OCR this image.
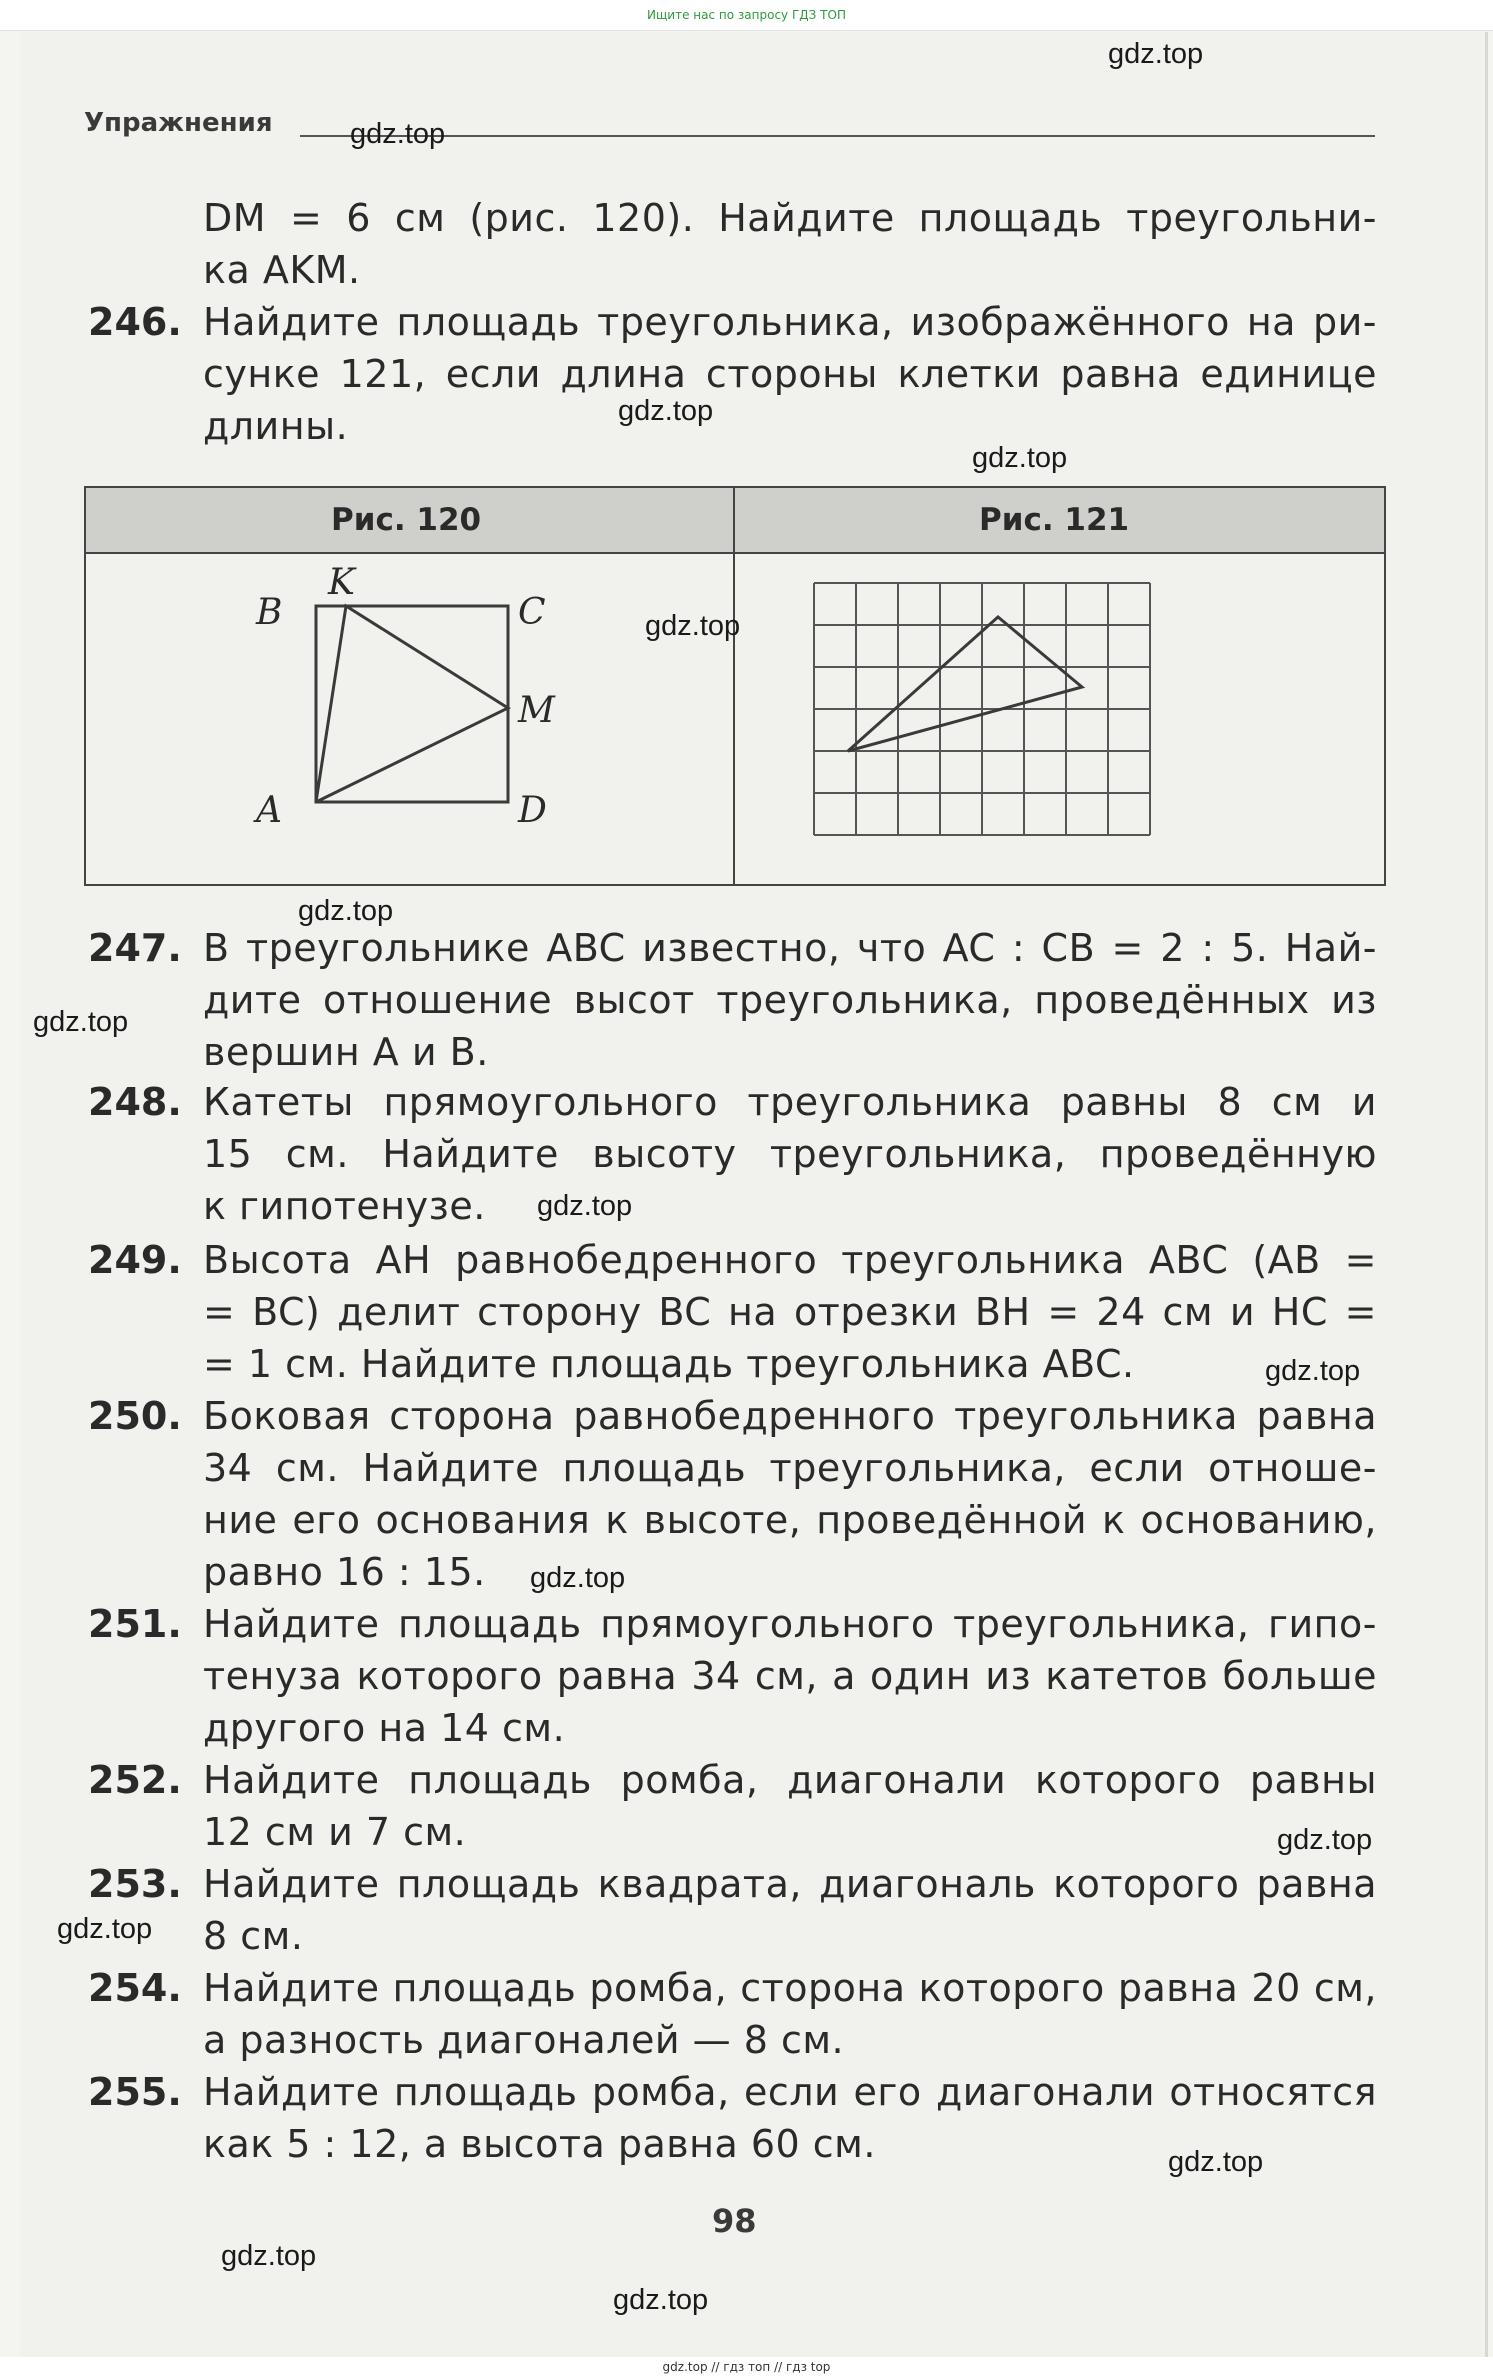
Ищите нас по запросу ГДЗ ТОП
Упражнения
DM = 6 см (рис. 120). Найдите площадь треугольни-
ка AKM.
246. Найдите площадь треугольника, изображённого на ри-
сунке 121, если длина стороны клетки равна единице
длины.
Рис. 120	Рис. 121
B
K
C
M
A	D
247. В треугольнике ABC известно, что AC : CB = 2 : 5. Най-
дите отношение высот треугольника, проведённых из
вершин A и B.
248. Катеты прямоугольного треугольника равны 8 см и
15 см. Найдите высоту треугольника, проведённую
к гипотенузе.
249. Высота AH равнобедренного треугольника ABC (AB =
= BC) делит сторону BC на отрезки BH = 24 см и HC =
= 1 см. Найдите площадь треугольника ABC.
250. Боковая сторона равнобедренного треугольника равна
34 см. Найдите площадь треугольника, если отноше-
ние его основания к высоте, проведённой к основанию,
равно 16 : 15.
251. Найдите площадь прямоугольного треугольника, гипо-
тенуза которого равна 34 см, а один из катетов больше
другого на 14 см.
252. Найдите площадь ромба, диагонали которого равны
12 см и 7 см.
253. Найдите площадь квадрата, диагональ которого равна
8 см.
254. Найдите площадь ромба, сторона которого равна 20 см,
а разность диагоналей — 8 см.
255. Найдите площадь ромба, если его диагонали относятся
как 5 : 12, а высота равна 60 см.
98
gdz.top
gdz.top
gdz.top
gdz.top
gdz.top
gdz.top
gdz.top
gdz.top
gdz.top
gdz.top
gdz.top
gdz.top
gdz.top
gdz.top
gdz.top
gdz.top // гдз топ // гдз top
